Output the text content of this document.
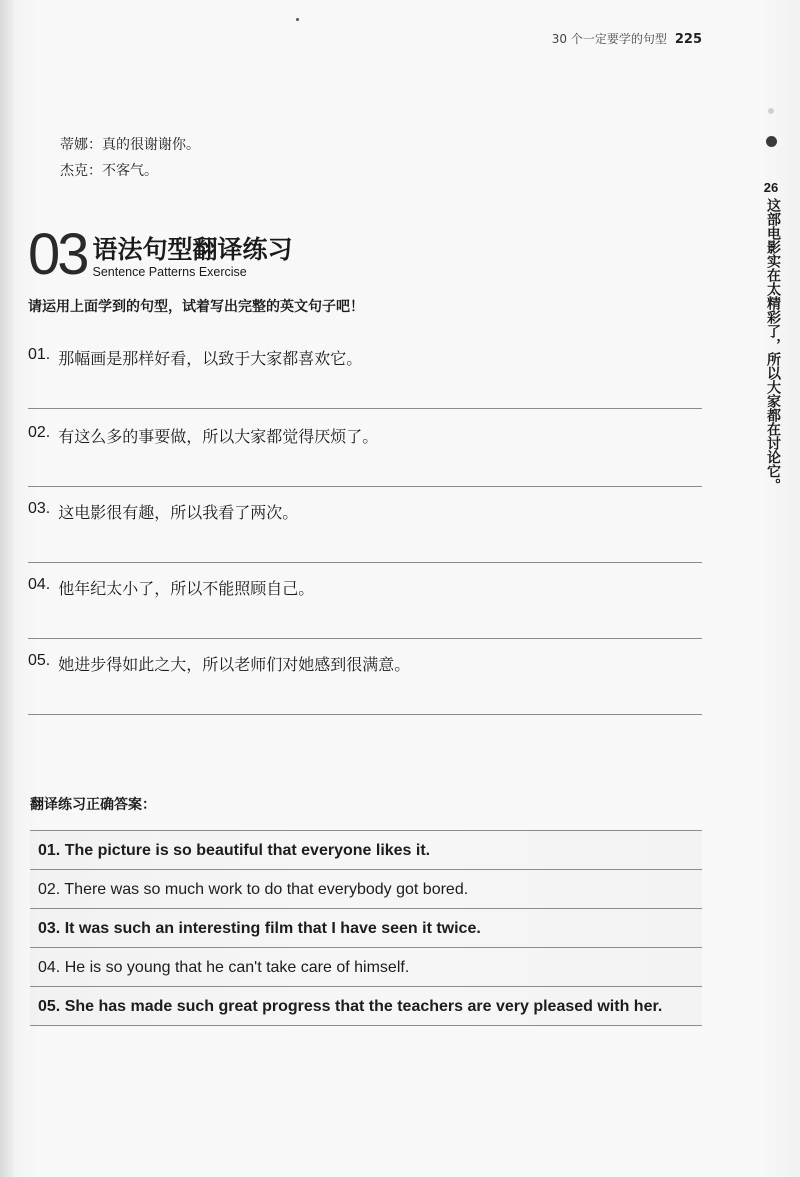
30 个一定要学的句型 225
蒂娜：真的很谢谢你。
杰克：不客气。
03 语法句型翻译练习
Sentence Patterns Exercise
请运用上面学到的句型，试着写出完整的英文句子吧！
01. 那幅画是那样好看，以致于大家都喜欢它。
02. 有这么多的事要做，所以大家都觉得厌烦了。
03. 这电影很有趣，所以我看了两次。
04. 他年纪太小了，所以不能照顾自己。
05. 她进步得如此之大，所以老师们对她感到很满意。
翻译练习正确答案：
01. The picture is so beautiful that everyone likes it.
02. There was so much work to do that everybody got bored.
03. It was such an interesting film that I have seen it twice.
04. He is so young that he can't take care of himself.
05. She has made such great progress that the teachers are very pleased with her.
26
这部电影实在太精彩了，所以大家都在讨论它。
